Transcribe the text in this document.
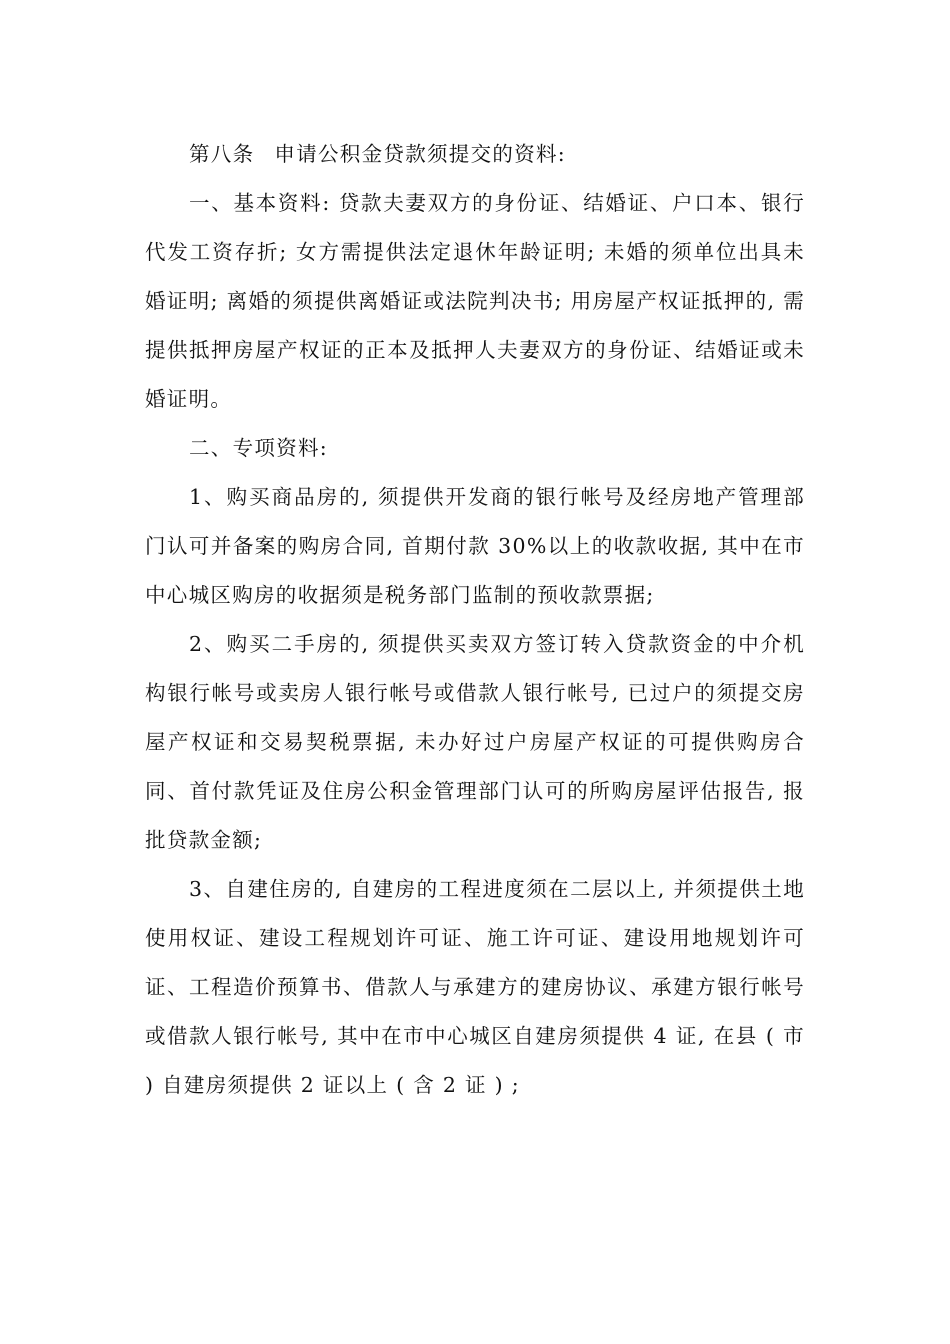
第八条 申请公积金贷款须提交的资料:

一、基本资料: 贷款夫妻双方的身份证、结婚证、户口本、银行代发工资存折; 女方需提供法定退休年龄证明; 未婚的须单位出具未婚证明; 离婚的须提供离婚证或法院判决书; 用房屋产权证抵押的, 需提供抵押房屋产权证的正本及抵押人夫妻双方的身份证、结婚证或未婚证明。

二、专项资料:

1、购买商品房的, 须提供开发商的银行帐号及经房地产管理部门认可并备案的购房合同, 首期付款 30%以上的收款收据, 其中在市中心城区购房的收据须是税务部门监制的预收款票据;

2、购买二手房的, 须提供买卖双方签订转入贷款资金的中介机构银行帐号或卖房人银行帐号或借款人银行帐号, 已过户的须提交房屋产权证和交易契税票据, 未办好过户房屋产权证的可提供购房合同、首付款凭证及住房公积金管理部门认可的所购房屋评估报告, 报批贷款金额;

3、自建住房的, 自建房的工程进度须在二层以上, 并须提供土地使用权证、建设工程规划许可证、施工许可证、建设用地规划许可证、工程造价预算书、借款人与承建方的建房协议、承建方银行帐号或借款人银行帐号, 其中在市中心城区自建房须提供 4 证, 在县 ( 市 ) 自建房须提供 2 证以上 ( 含 2 证 ) ;
